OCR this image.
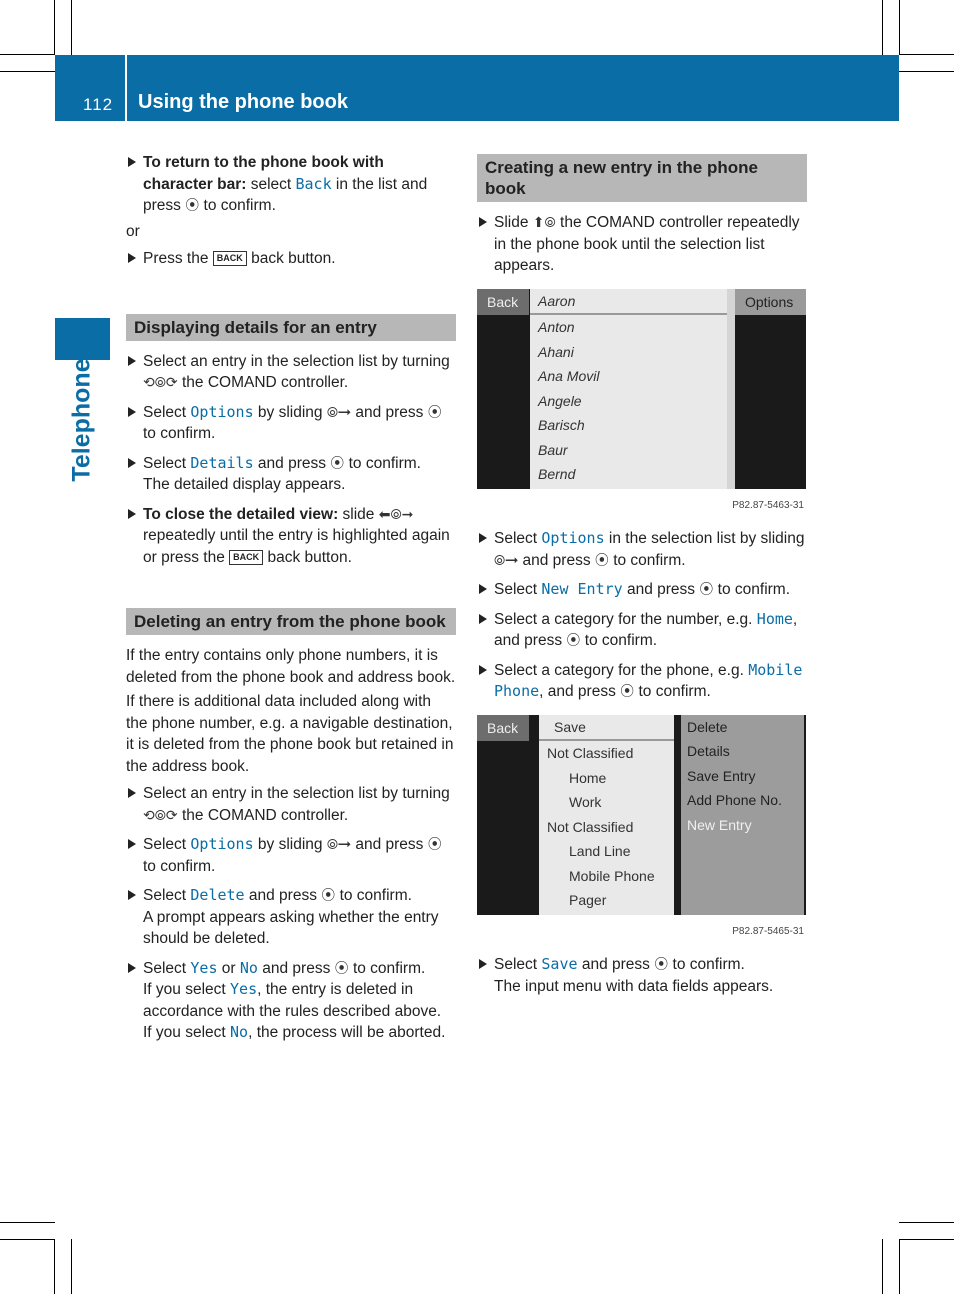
112 Using the phone book
Telephone
To return to the phone book with character bar: select Back in the list and press ⦿ to confirm.
or
Press the BACK back button.
Displaying details for an entry
Select an entry in the selection list by turning ⟲⦾⟳ the COMAND controller.
Select Options by sliding ⦾➞ and press ⦿ to confirm.
Select Details and press ⦿ to confirm.
The detailed display appears.
To close the detailed view: slide ⬅⦾➞ repeatedly until the entry is highlighted again or press the BACK back button.
Deleting an entry from the phone book
If the entry contains only phone numbers, it is deleted from the phone book and address book.
If there is additional data included along with the phone number, e.g. a navigable destination, it is deleted from the phone book but retained in the address book.
Select an entry in the selection list by turning ⟲⦾⟳ the COMAND controller.
Select Options by sliding ⦾➞ and press ⦿ to confirm.
Select Delete and press ⦿ to confirm.
A prompt appears asking whether the entry should be deleted.
Select Yes or No and press ⦿ to confirm.
If you select Yes, the entry is deleted in accordance with the rules described above.
If you select No, the process will be aborted.
Creating a new entry in the phone book
Slide ⬆⦾ the COMAND controller repeatedly in the phone book until the selection list appears.
Back	Aaron
Anton
Ahani
Ana Movil
Angele
Barisch
Baur
Bernd
Options
P82.87-5463-31
Select Options in the selection list by sliding ⦾➞ and press ⦿ to confirm.
Select New Entry and press ⦿ to confirm.
Select a category for the number, e.g. Home, and press ⦿ to confirm.
Select a category for the phone, e.g. Mobile Phone, and press ⦿ to confirm.
Back	Save
Not Classified
Home
Work
Not Classified
Land Line
Mobile Phone
Pager
Delete
Details
Save Entry
Add Phone No.
New Entry
P82.87-5465-31
Select Save and press ⦿ to confirm.
The input menu with data fields appears.
